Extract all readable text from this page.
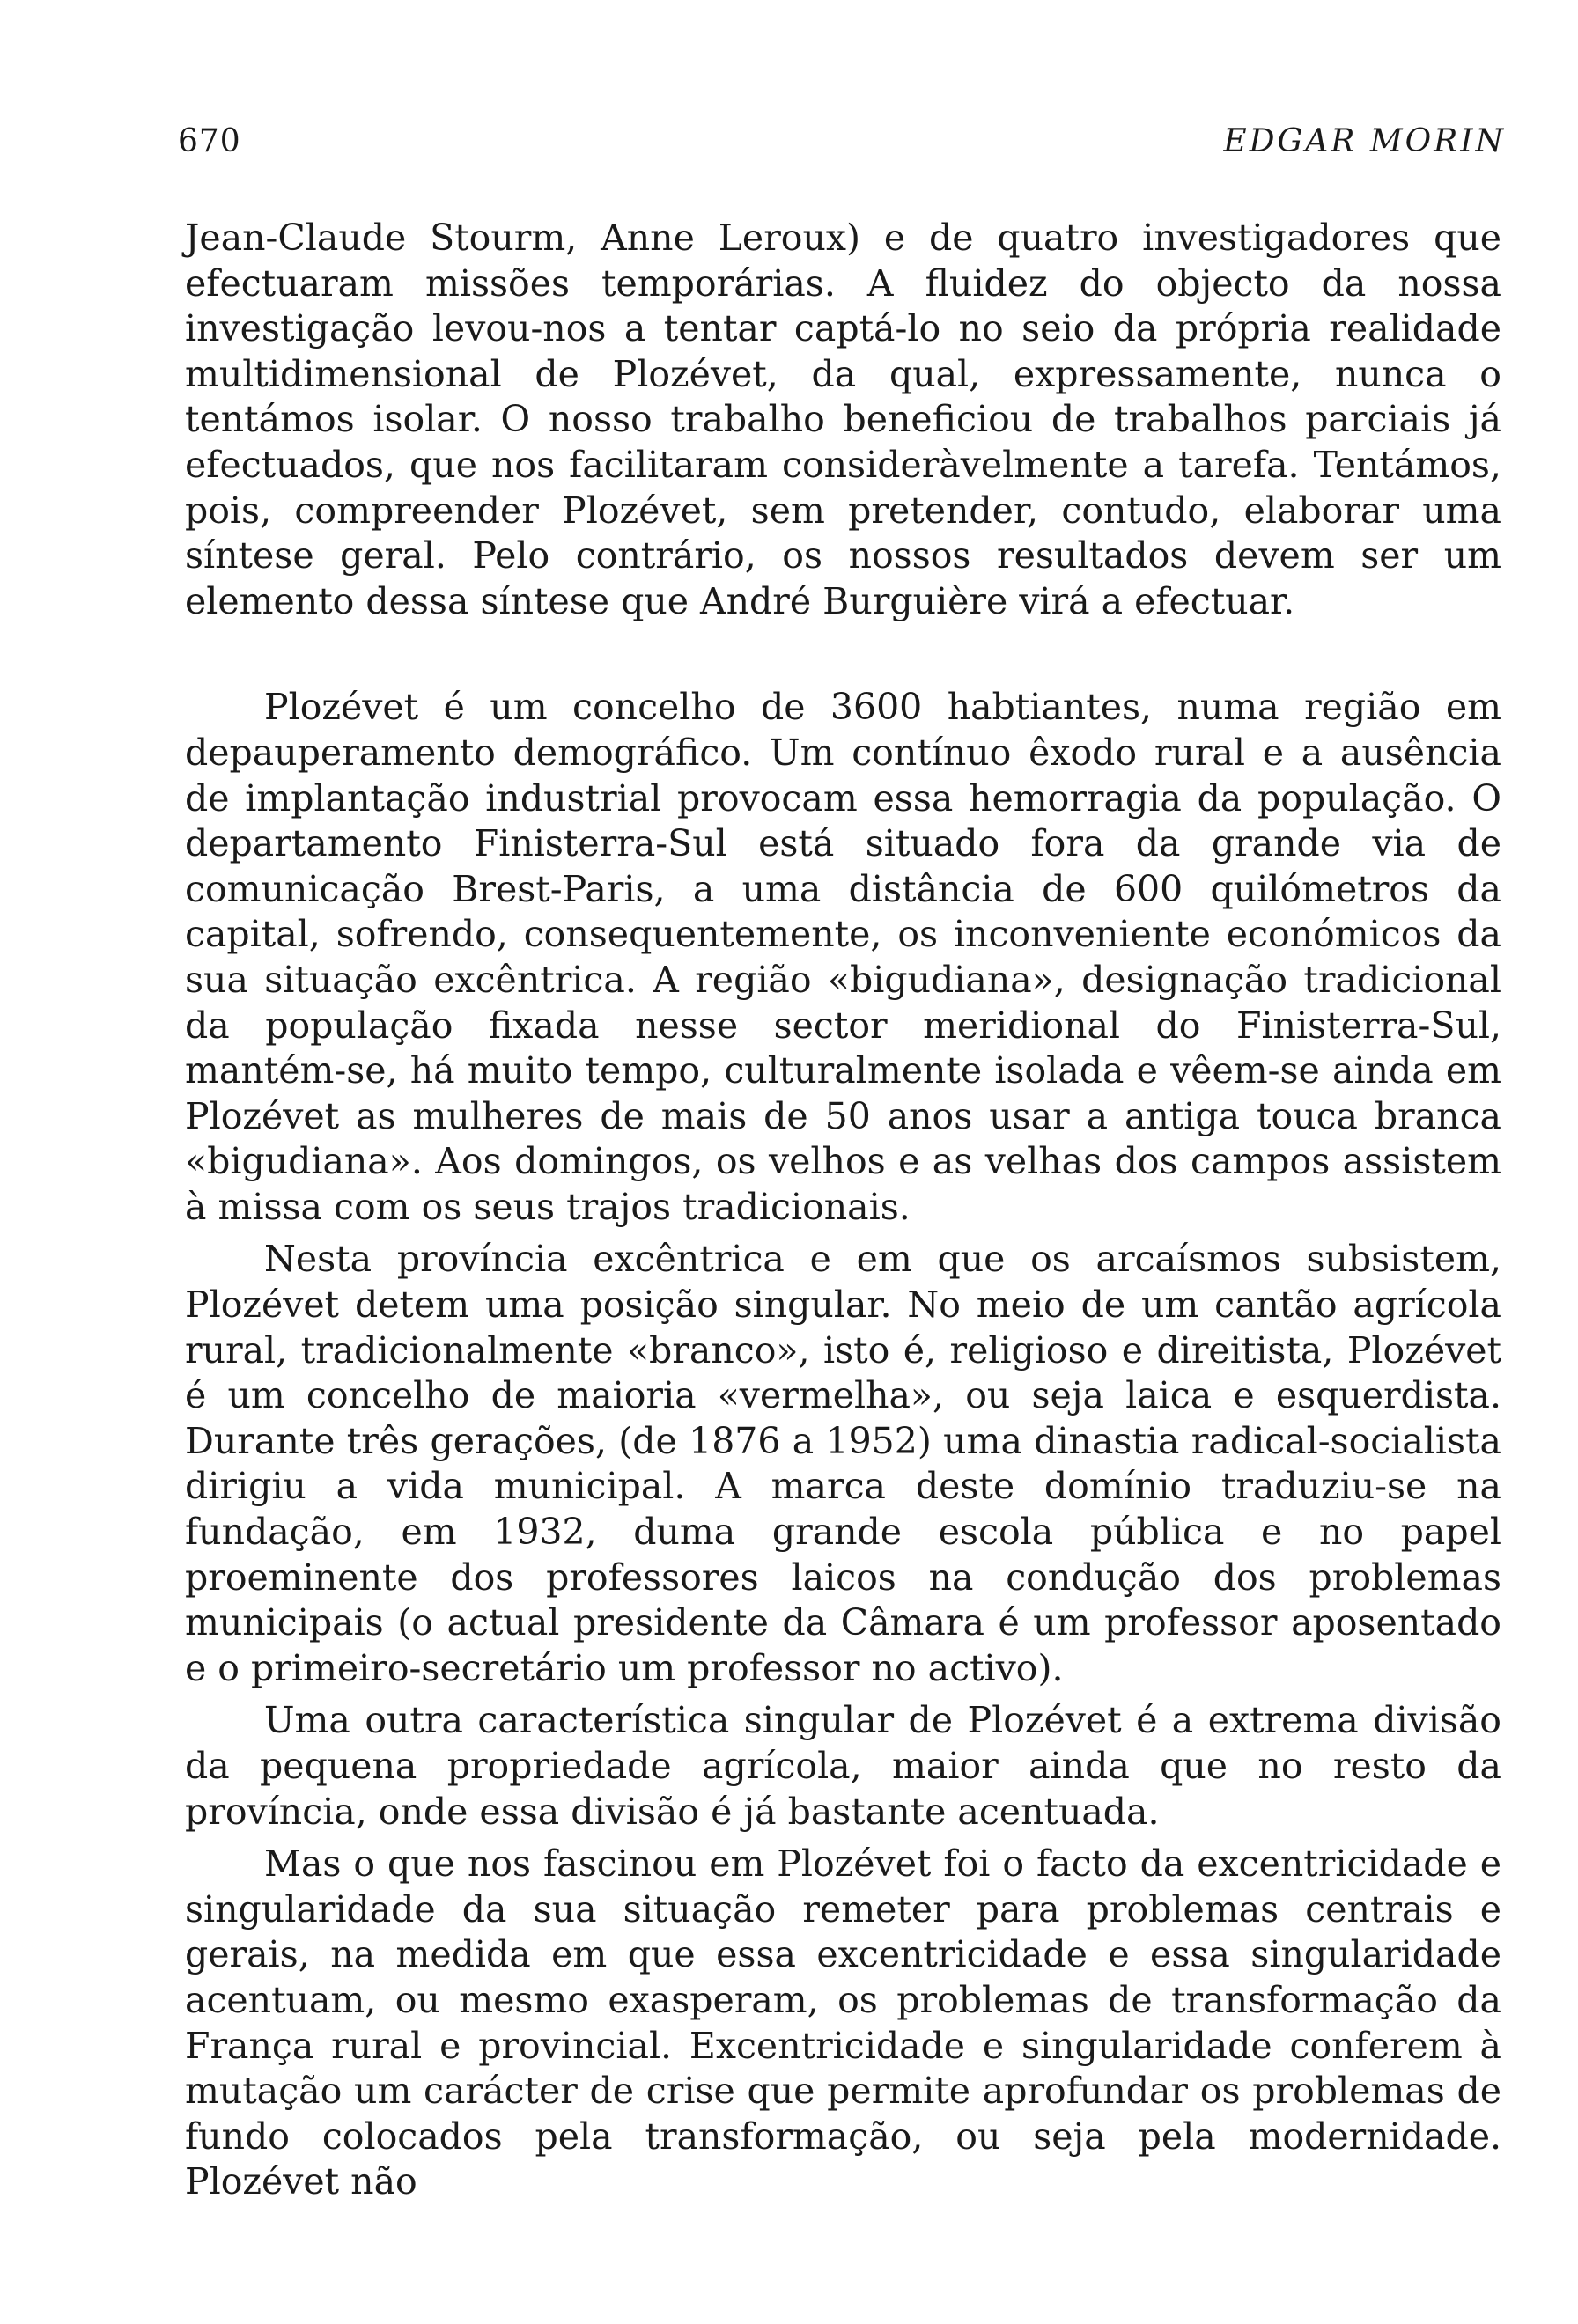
670	EDGAR MORIN

Jean-Claude Stourm, Anne Leroux) e de quatro investigadores que efectuaram missões temporárias. A fluidez do objecto da nossa investigação levou-nos a tentar captá-lo no seio da própria realidade multidimensional de Plozévet, da qual, expressamente, nunca o tentámos isolar. O nosso trabalho beneficiou de trabalhos parciais já efectuados, que nos facilitaram consideràvelmente a tarefa. Tentámos, pois, compreender Plozévet, sem pretender, contudo, elaborar uma síntese geral. Pelo contrário, os nossos resultados devem ser um elemento dessa síntese que André Burguière virá a efectuar.

Plozévet é um concelho de 3600 habtiantes, numa região em depauperamento demográfico. Um contínuo êxodo rural e a ausência de implantação industrial provocam essa hemorragia da população. O departamento Finisterra-Sul está situado fora da grande via de comunicação Brest-Paris, a uma distância de 600 quilómetros da capital, sofrendo, consequentemente, os inconveniente económicos da sua situação excêntrica. A região «bigudiana», designação tradicional da população fixada nesse sector meridional do Finisterra-Sul, mantém-se, há muito tempo, culturalmente isolada e vêem-se ainda em Plozévet as mulheres de mais de 50 anos usar a antiga touca branca «bigudiana». Aos domingos, os velhos e as velhas dos campos assistem à missa com os seus trajos tradicionais.

Nesta província excêntrica e em que os arcaísmos subsistem, Plozévet detem uma posição singular. No meio de um cantão agrícola rural, tradicionalmente «branco», isto é, religioso e direitista, Plozévet é um concelho de maioria «vermelha», ou seja laica e esquerdista. Durante três gerações, (de 1876 a 1952) uma dinastia radical-socialista dirigiu a vida municipal. A marca deste domínio traduziu-se na fundação, em 1932, duma grande escola pública e no papel proeminente dos professores laicos na condução dos problemas municipais (o actual presidente da Câmara é um professor aposentado e o primeiro-secretário um professor no activo).

Uma outra característica singular de Plozévet é a extrema divisão da pequena propriedade agrícola, maior ainda que no resto da província, onde essa divisão é já bastante acentuada.

Mas o que nos fascinou em Plozévet foi o facto da excentricidade e singularidade da sua situação remeter para problemas centrais e gerais, na medida em que essa excentricidade e essa singularidade acentuam, ou mesmo exasperam, os problemas de transformação da França rural e provincial. Excentricidade e singularidade conferem à mutação um carácter de crise que permite aprofundar os problemas de fundo colocados pela transformação, ou seja pela modernidade. Plozévet não
